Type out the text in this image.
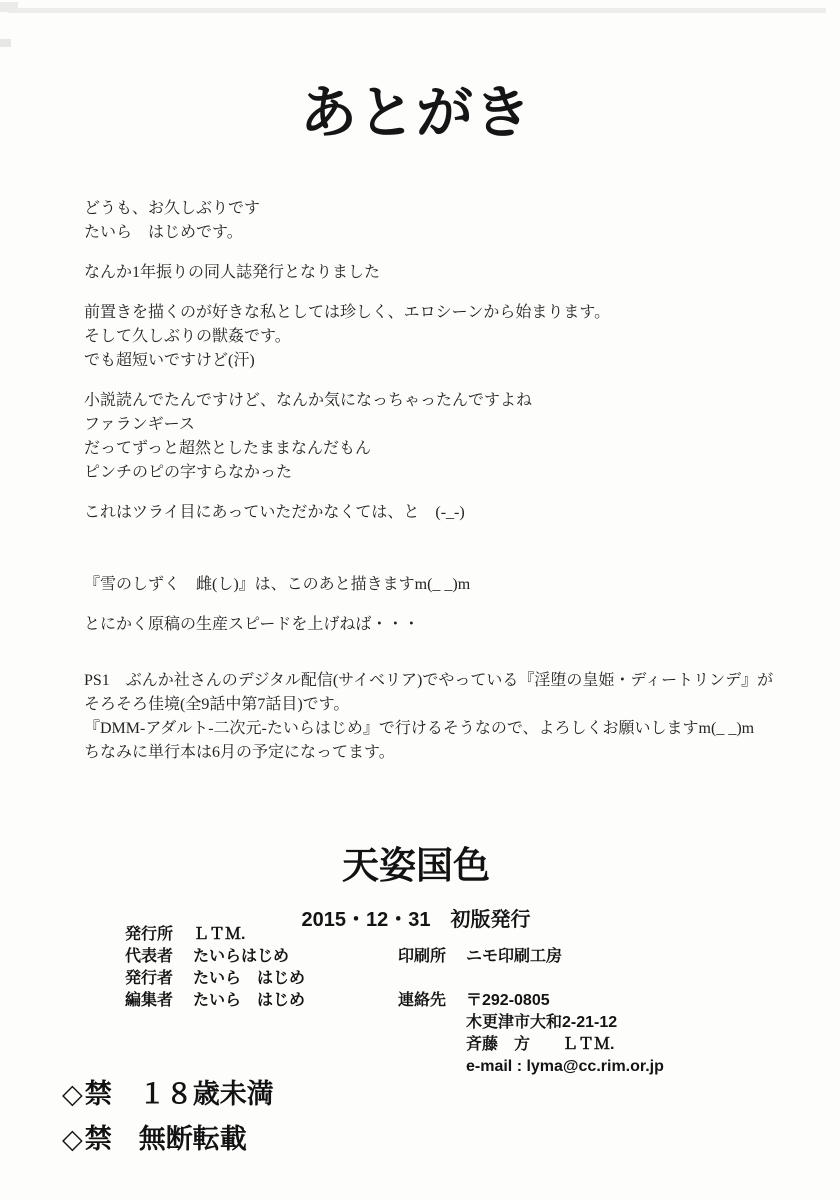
あとがき
どうも、お久しぶりです
たいら　はじめです。
なんか1年振りの同人誌発行となりました
前置きを描くのが好きな私としては珍しく、エロシーンから始まります。
そして久しぶりの獣姦です。
でも超短いですけど(汗)
小説読んでたんですけど、なんか気になっちゃったんですよね
ファランギース
だってずっと超然としたままなんだもん
ピンチのピの字すらなかった
これはツライ目にあっていただかなくては、と　(-_-)
『雪のしずく　雌(し)』は、このあと描きますm(_ _)m
とにかく原稿の生産スピードを上げねば・・・
PS1　ぶんか社さんのデジタル配信(サイベリア)でやっている『淫堕の皇姫・ディートリンデ』が
そろそろ佳境(全9話中第7話目)です。
『DMM-アダルト-二次元-たいらはじめ』で行けるそうなので、よろしくお願いしますm(_ _)m
ちなみに単行本は6月の予定になってます。
天姿国色
2015・12・31　初版発行
発行所 ＬＴＭ.
代表者 たいらはじめ
発行者 たいら　はじめ
編集者 たいら　はじめ
印刷所 ニモ印刷工房
連絡先 〒292-0805
木更津市大和2-21-12
斉藤　方　　ＬＴＭ.
e-mail : lyma@cc.rim.or.jp
◇ 禁　１８歳未満
◇ 禁　無断転載
